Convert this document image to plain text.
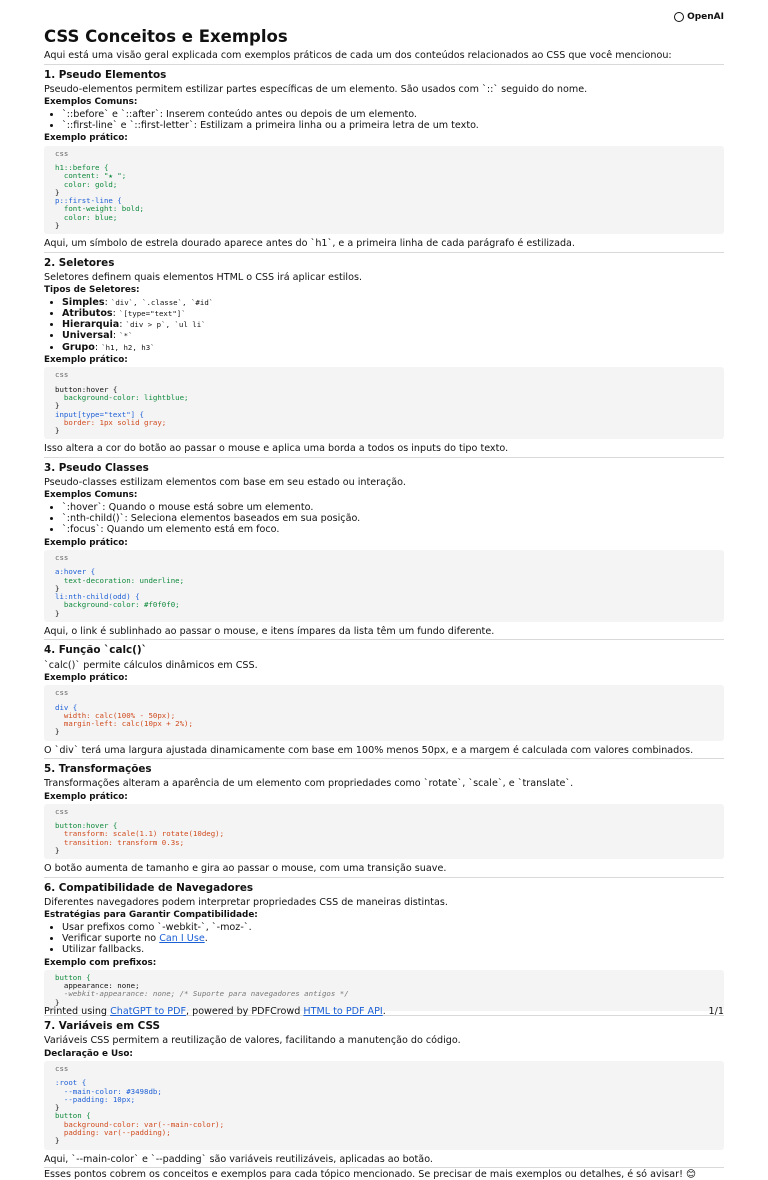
OpenAI
CSS Conceitos e Exemplos

Aqui está uma visão geral explicada com exemplos práticos de cada um dos conteúdos relacionados ao CSS que você mencionou:

1. Pseudo Elementos

Pseudo-elementos permitem estilizar partes específicas de um elemento. São usados com `::` seguido do nome.

Exemplos Comuns:
• `::before` e `::after`: Inserem conteúdo antes ou depois de um elemento.
• `::first-line` e `::first-letter`: Estilizam a primeira linha ou a primeira letra de um texto.
Exemplo prático:
css
h1::before {
content: "★ ";
color: gold;
}
p::first-line {
font-weight: bold;
color: blue;
}

Aqui, um símbolo de estrela dourado aparece antes do `h1`, e a primeira linha de cada parágrafo é estilizada.

2. Seletores

Seletores definem quais elementos HTML o CSS irá aplicar estilos.

Tipos de Seletores:
• Simples: `div`, `.classe`, `#id`
• Atributos: `[type="text"]`
• Hierarquia: `div > p`, `ul li`
• Universal: `*`
• Grupo: `h1, h2, h3`
Exemplo prático:
css
button:hover {
background-color: lightblue;
}
input[type="text"] {
border: 1px solid gray;
}

Isso altera a cor do botão ao passar o mouse e aplica uma borda a todos os inputs do tipo texto.

3. Pseudo Classes

Pseudo-classes estilizam elementos com base em seu estado ou interação.

Exemplos Comuns:
• `:hover`: Quando o mouse está sobre um elemento.
• `:nth-child()`: Seleciona elementos baseados em sua posição.
• `:focus`: Quando um elemento está em foco.
Exemplo prático:
css
a:hover {
text-decoration: underline;
}
li:nth-child(odd) {
background-color: #f0f0f0;
}

Aqui, o link é sublinhado ao passar o mouse, e itens ímpares da lista têm um fundo diferente.

4. Função `calc()`

`calc()` permite cálculos dinâmicos em CSS.

Exemplo prático:
css
div {
width: calc(100% - 50px);
margin-left: calc(10px + 2%);
}

O `div` terá uma largura ajustada dinamicamente com base em 100% menos 50px, e a margem é calculada com valores combinados.

5. Transformações

Transformações alteram a aparência de um elemento com propriedades como `rotate`, `scale`, e `translate`.

Exemplo prático:
css
button:hover {
transform: scale(1.1) rotate(10deg);
transition: transform 0.3s;
}

O botão aumenta de tamanho e gira ao passar o mouse, com uma transição suave.

6. Compatibilidade de Navegadores

Diferentes navegadores podem interpretar propriedades CSS de maneiras distintas.

Estratégias para Garantir Compatibilidade:
• Usar prefixos como `-webkit-`, `-moz-`.
• Verificar suporte no Can I Use.
• Utilizar fallbacks.
Exemplo com prefixos:
button {
appearance: none;
-webkit-appearance: none; /* Suporte para navegadores antigos */
}
7. Variáveis em CSS

Variáveis CSS permitem a reutilização de valores, facilitando a manutenção do código.

Declaração e Uso:
css
:root {
--main-color: #3498db;
--padding: 10px;
}
button {
background-color: var(--main-color);
padding: var(--padding);
}

Aqui, `--main-color` e `--padding` são variáveis reutilizáveis, aplicadas ao botão.

Esses pontos cobrem os conceitos e exemplos para cada tópico mencionado. Se precisar de mais exemplos ou detalhes, é só avisar! 😊

Printed using ChatGPT to PDF, powered by PDFCrowd HTML to PDF API.	1/1
